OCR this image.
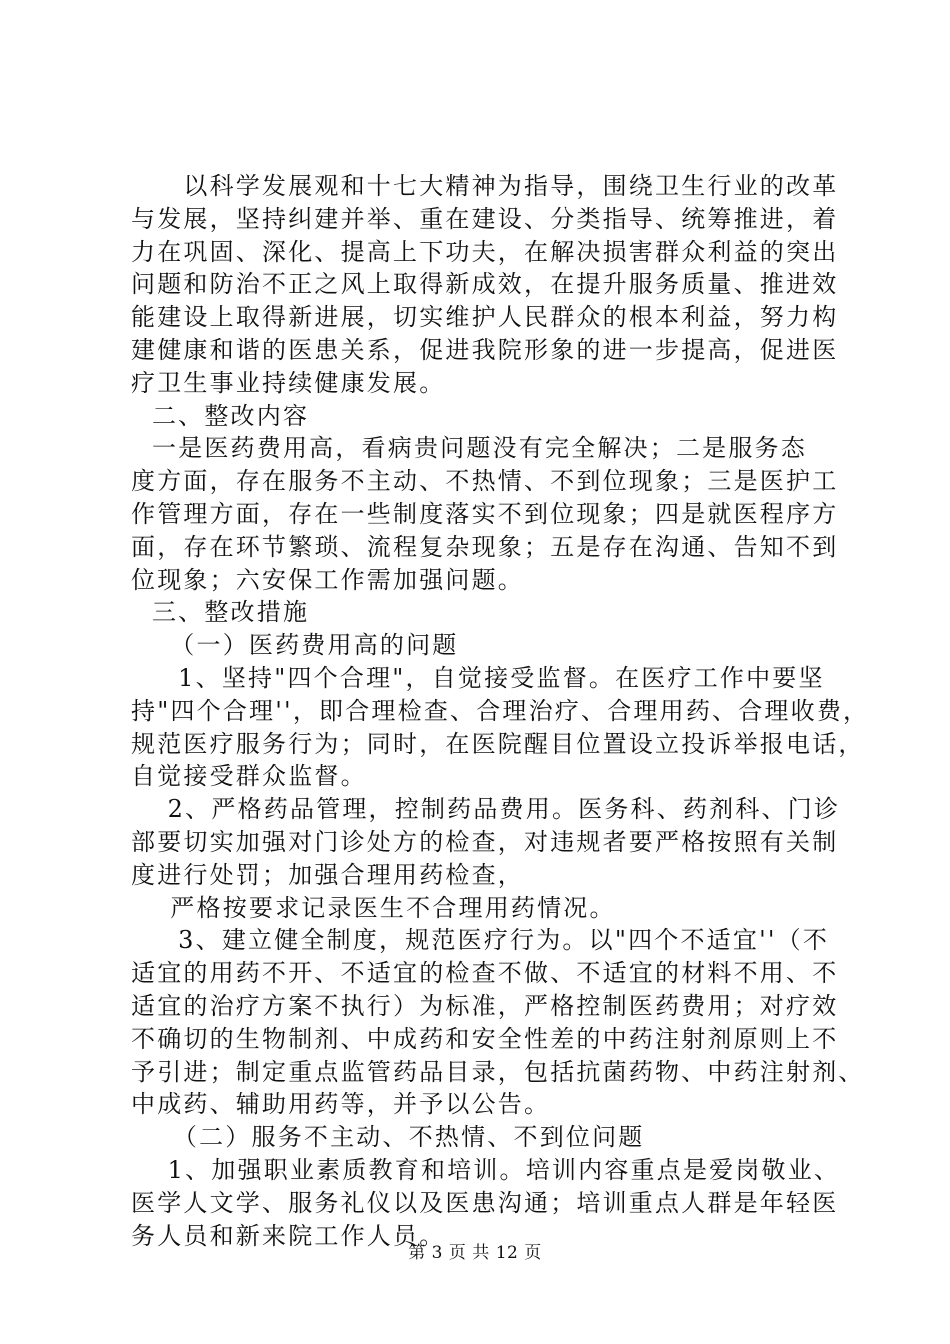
以科学发展观和十七大精神为指导，围绕卫生行业的改革
与发展，坚持纠建并举、重在建设、分类指导、统筹推进，着
力在巩固、深化、提高上下功夫，在解决损害群众利益的突出
问题和防治不正之风上取得新成效，在提升服务质量、推进效
能建设上取得新进展，切实维护人民群众的根本利益，努力构
建健康和谐的医患关系，促进我院形象的进一步提高，促进医
疗卫生事业持续健康发展。
二、整改内容
一是医药费用高，看病贵问题没有完全解决；二是服务态
度方面，存在服务不主动、不热情、不到位现象；三是医护工
作管理方面，存在一些制度落实不到位现象；四是就医程序方
面，存在环节繁琐、流程复杂现象；五是存在沟通、告知不到
位现象；六安保工作需加强问题。
三、整改措施
（一）医药费用高的问题
1、坚持"四个合理"，自觉接受监督。在医疗工作中要坚
持"四个合理''，即合理检查、合理治疗、合理用药、合理收费，
规范医疗服务行为；同时，在医院醒目位置设立投诉举报电话，
自觉接受群众监督。
2、严格药品管理，控制药品费用。医务科、药剂科、门诊
部要切实加强对门诊处方的检查，对违规者要严格按照有关制
度进行处罚；加强合理用药检查，
严格按要求记录医生不合理用药情况。
3、建立健全制度，规范医疗行为。以"四个不适宜''（不
适宜的用药不开、不适宜的检查不做、不适宜的材料不用、不
适宜的治疗方案不执行）为标准，严格控制医药费用；对疗效
不确切的生物制剂、中成药和安全性差的中药注射剂原则上不
予引进；制定重点监管药品目录，包括抗菌药物、中药注射剂、
中成药、辅助用药等，并予以公告。
（二）服务不主动、不热情、不到位问题
1、加强职业素质教育和培训。培训内容重点是爱岗敬业、
医学人文学、服务礼仪以及医患沟通；培训重点人群是年轻医
务人员和新来院工作人员。
第 3 页 共 12 页
